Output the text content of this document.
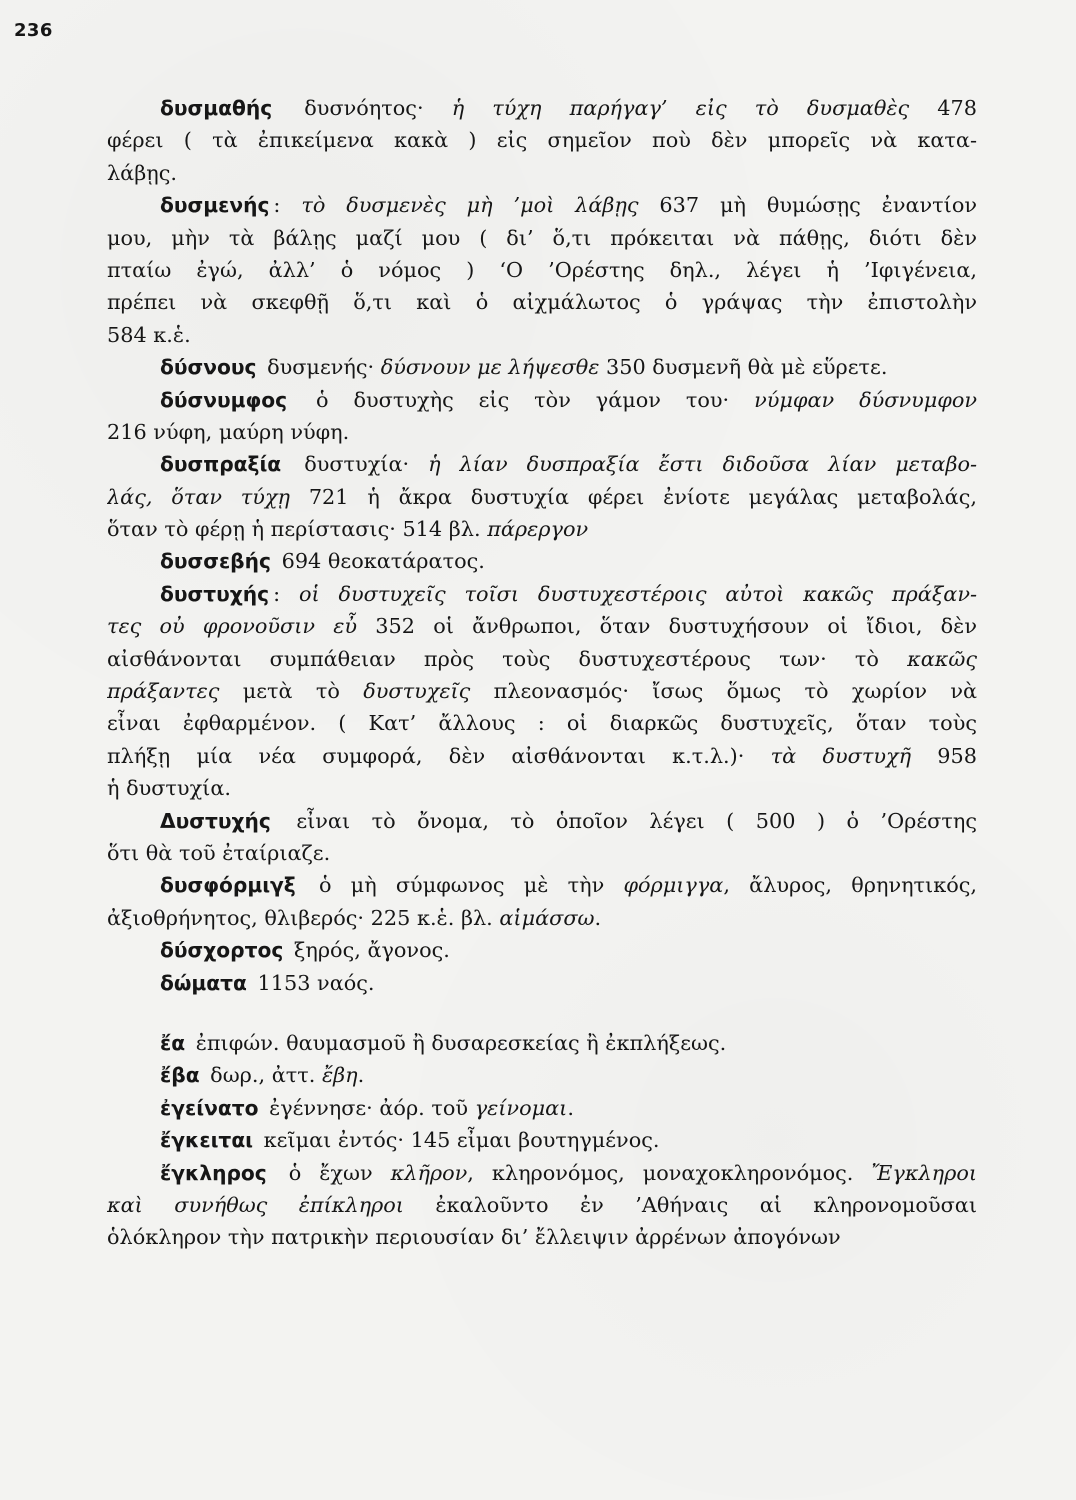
236
δυσμαθής δυσνόητος· ἡ τύχη παρήγαγ’ εἰς τὸ δυσμαθὲς 478
φέρει ( τὰ ἐπικείμενα κακὰ ) εἰς σημεῖον ποὺ δὲν μπορεῖς νὰ κατα-
λάβῃς.
δυσμενής : τὸ δυσμενὲς μὴ ’μοὶ λάβῃς 637 μὴ θυμώσῃς ἐναντίον
μου, μὴν τὰ βάλῃς μαζί μου ( δι’ ὅ,τι πρόκειται νὰ πάθῃς, διότι δὲν
πταίω ἐγώ, ἀλλ’ ὁ νόμος ) ‘Ο ’Ορέστης δηλ., λέγει ἡ ’Ιφιγένεια,
πρέπει νὰ σκεφθῇ ὅ,τι καὶ ὁ αἰχμάλωτος ὁ γράψας τὴν ἐπιστολὴν
584 κ.ἑ.
δύσνους δυσμενής· δύσνουν με λήψεσθε 350 δυσμενῆ θὰ μὲ εὕρετε.
δύσνυμφος ὁ δυστυχὴς εἰς τὸν γάμον του· νύμφαν δύσνυμφον
216 νύφη, μαύρη νύφη.
δυσπραξία δυστυχία· ἡ λίαν δυσπραξία ἔστι διδοῦσα λίαν μεταβο-
λάς, ὅταν τύχῃ 721 ἡ ἄκρα δυστυχία φέρει ἐνίοτε μεγάλας μεταβολάς,
ὅταν τὸ φέρῃ ἡ περίστασις· 514 βλ. πάρεργον
δυσσεβής 694 θεοκατάρατος.
δυστυχής : οἱ δυστυχεῖς τοῖσι δυστυχεστέροις αὐτοὶ κακῶς πράξαν-
τες οὐ φρονοῦσιν εὖ 352 οἱ ἄνθρωποι, ὅταν δυστυχήσουν οἱ ἴδιοι, δὲν
αἰσθάνονται συμπάθειαν πρὸς τοὺς δυστυχεστέρους των· τὸ κακῶς
πράξαντες μετὰ τὸ δυστυχεῖς πλεονασμός· ἴσως ὅμως τὸ χωρίον νὰ
εἶναι ἐφθαρμένον. ( Κατ’ ἄλλους : οἱ διαρκῶς δυστυχεῖς, ὅταν τοὺς
πλήξῃ μία νέα συμφορά, δὲν αἰσθάνονται κ.τ.λ.)· τὰ δυστυχῆ 958
ἡ δυστυχία.
Δυστυχής εἶναι τὸ ὄνομα, τὸ ὁποῖον λέγει ( 500 ) ὁ ’Ορέστης
ὅτι θὰ τοῦ ἐταίριαζε.
δυσφόρμιγξ ὁ μὴ σύμφωνος μὲ τὴν φόρμιγγα, ἄλυρος, θρηνητικός,
ἀξιοθρήνητος, θλιβερός· 225 κ.ἑ. βλ. αἱμάσσω.
δύσχορτος ξηρός, ἄγονος.
δώματα 1153 ναός.
ἔα ἐπιφών. θαυμασμοῦ ἢ δυσαρεσκείας ἢ ἐκπλήξεως.
ἔβα δωρ., ἀττ. ἔβη.
ἐγείνατο ἐγέννησε· ἀόρ. τοῦ γείνομαι.
ἔγκειται κεῖμαι ἐντός· 145 εἶμαι βουτηγμένος.
ἔγκληρος ὁ ἔχων κλῆρον, κληρονόμος, μοναχοκληρονόμος. Ἔγκληροι
καὶ συνήθως ἐπίκληροι ἐκαλοῦντο ἐν ’Αθήναις αἱ κληρονομοῦσαι
ὁλόκληρον τὴν πατρικὴν περιουσίαν δι’ ἔλλειψιν ἀρρένων ἀπογόνων
